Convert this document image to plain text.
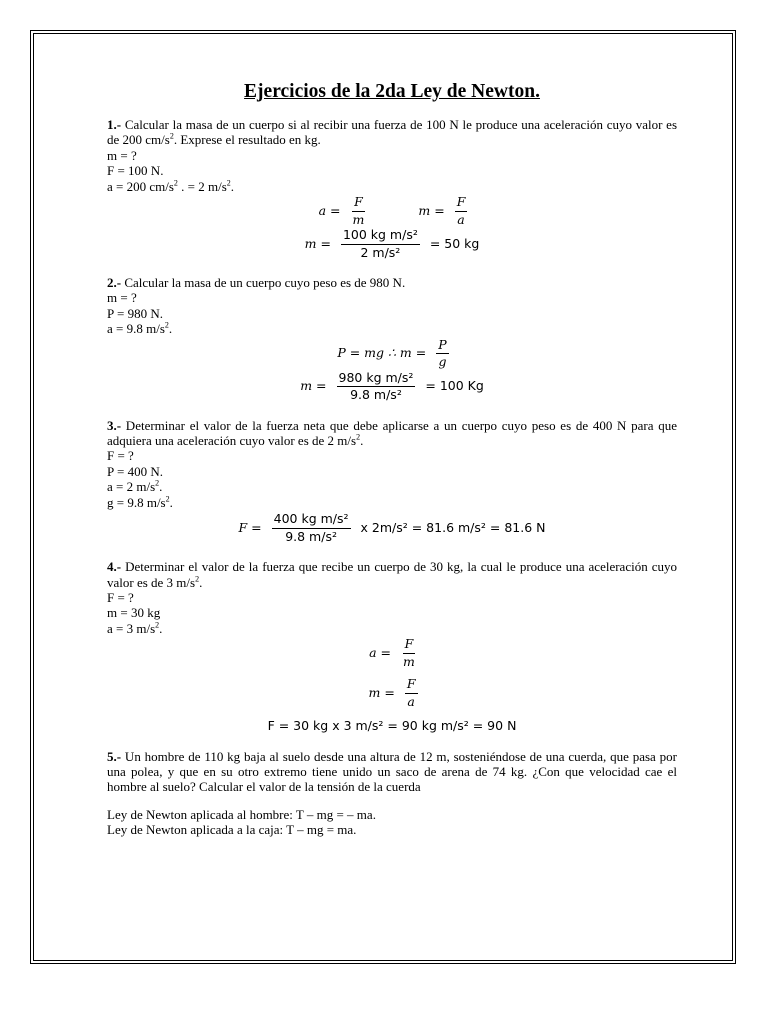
Ejercicios de la 2da Ley de Newton.

1.- Calcular la masa de un cuerpo si al recibir una fuerza de 100 N le produce una aceleración cuyo valor es de 200 $cm/s^2$. Exprese el resultado en kg.

m = ?

F = 100 N.

a = 200 $cm/s^2$ . = 2 $m/s^2$.

$a = \frac{F}{m}$	$m = \frac{F}{a}$
$m = \frac{\text{100 kg m/s²}}{\text{2 m/s²}} = 50$ kg

2.- Calcular la masa de un cuerpo cuyo peso es de 980 N.

m = ?

P = 980 N.

a = 9.8 $m/s^2$.

P = mg ∴ $m = \frac{P}{g}$
$m = \frac{\text{980 kg m/s²}}{\text{9.8 m/s²}} = 100$ Kg

3.- Determinar el valor de la fuerza neta que debe aplicarse a un cuerpo cuyo peso es de 400 N para que adquiera una aceleración cuyo valor es de 2 $m/s^2$.

F = ?

P = 400 N.

a = 2 $m/s^2$.

g = 9.8 $m/s^2$.

$F = \frac{\text{400 kg m/s²}}{\text{9.8 m/s²}}$ x 2m/s² = 81.6 m/s² = 81.6 N

4.- Determinar el valor de la fuerza que recibe un cuerpo de 30 kg, la cual le produce una aceleración cuyo valor es de 3 $m/s^2$.

F = ?

m = 30 kg

a = 3 $m/s^2$.

$a = \frac{F}{m}$
$m = \frac{F}{a}$
F = 30 kg x 3 m/s² = 90 kg m/s² = 90 N

5.- Un hombre de 110 kg baja al suelo desde una altura de 12 m, sosteniéndose de una cuerda, que pasa por una polea, y que en su otro extremo tiene unido un saco de arena de 74 kg. ¿Con que velocidad cae el hombre al suelo? Calcular el valor de la tensión de la cuerda

Ley de Newton aplicada al hombre: T – mg = – ma.

Ley de Newton aplicada a la caja: T – mg = ma.
